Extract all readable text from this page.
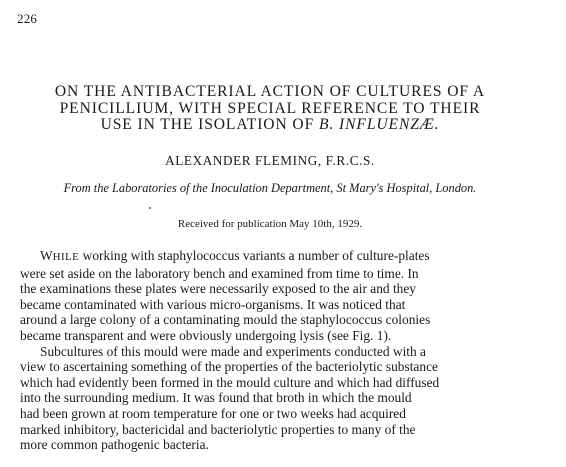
226
ON THE ANTIBACTERIAL ACTION OF CULTURES OF A
PENICILLIUM, WITH SPECIAL REFERENCE TO THEIR
USE IN THE ISOLATION OF B. INFLUENZÆ.
ALEXANDER FLEMING, F.R.C.S.
From the Laboratories of the Inoculation Department, St Mary's Hospital, London.
Received for publication May 10th, 1929.
WHILE working with staphylococcus variants a number of culture-plates
were set aside on the laboratory bench and examined from time to time. In
the examinations these plates were necessarily exposed to the air and they
became contaminated with various micro-organisms. It was noticed that
around a large colony of a contaminating mould the staphylococcus colonies
became transparent and were obviously undergoing lysis (see Fig. 1).
Subcultures of this mould were made and experiments conducted with a
view to ascertaining something of the properties of the bacteriolytic substance
which had evidently been formed in the mould culture and which had diffused
into the surrounding medium. It was found that broth in which the mould
had been grown at room temperature for one or two weeks had acquired
marked inhibitory, bactericidal and bacteriolytic properties to many of the
more common pathogenic bacteria.
